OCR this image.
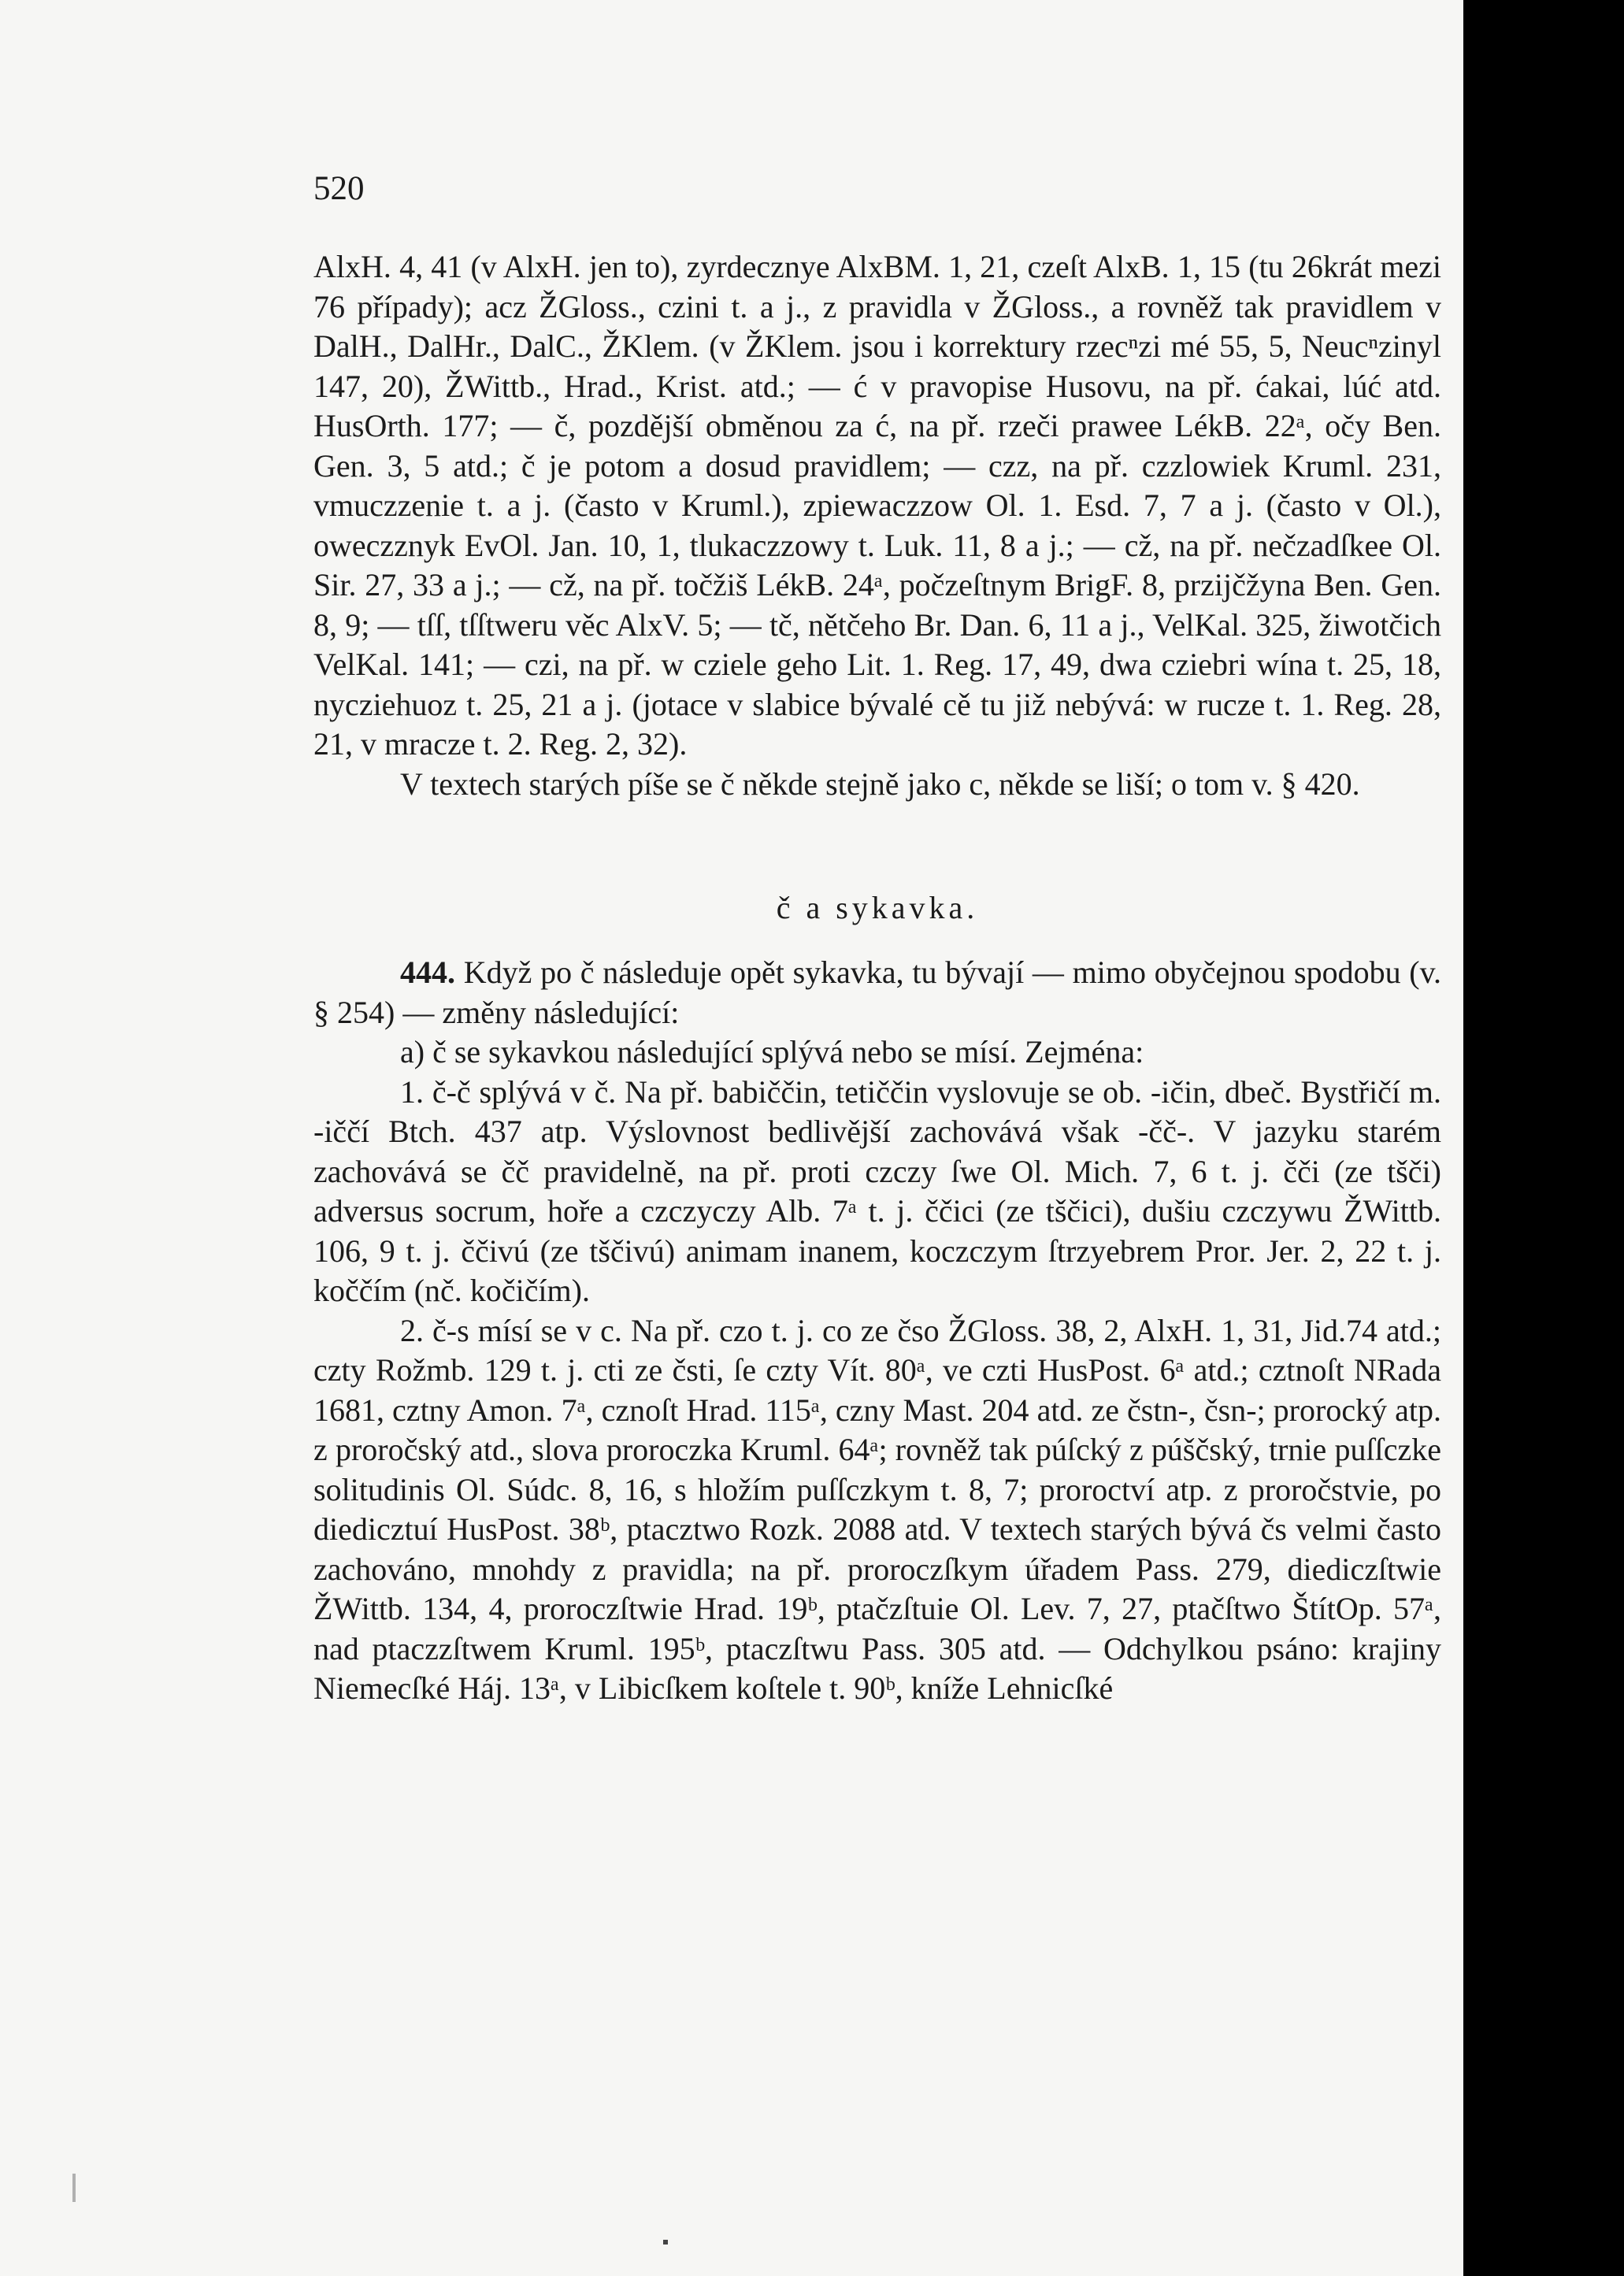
520

AlxH. 4, 41 (v AlxH. jen to), zyrdecznye AlxBM. 1, 21, czeſt AlxB. 1, 15 (tu 26krát mezi 76 případy); acz ŽGloss., czini t. a j., z pravidla v ŽGloss., a rovněž tak pravidlem v DalH., DalHr., DalC., ŽKlem. (v ŽKlem. jsou i korrektury rzecⁿzi mé 55, 5, Neucⁿzinyl 147, 20), ŽWittb., Hrad., Krist. atd.; — ć v pravopise Husovu, na př. ćakai, lúć atd. HusOrth. 177; — č, pozdější obměnou za ć, na př. rzeči prawee LékB. 22ᵃ, očy Ben. Gen. 3, 5 atd.; č je potom a dosud pravidlem; — czz, na př. czzlowiek Kruml. 231, vmuczzenie t. a j. (často v Kruml.), zpiewaczzow Ol. 1. Esd. 7, 7 a j. (často v Ol.), oweczznyk EvOl. Jan. 10, 1, tlukaczzowy t. Luk. 11, 8 a j.; — cž, na př. nečzadſkee Ol. Sir. 27, 33 a j.; — cž, na př. točžiš LékB. 24ᵃ, počzeſtnym BrigF. 8, przijčžyna Ben. Gen. 8, 9; — tſſ, tſſtweru věc AlxV. 5; — tč, nětčeho Br. Dan. 6, 11 a j., VelKal. 325, žiwotčich VelKal. 141; — czi, na př. w cziele geho Lit. 1. Reg. 17, 49, dwa cziebri wína t. 25, 18, nycziehuoz t. 25, 21 a j. (jotace v slabice bývalé cě tu již nebývá: w rucze t. 1. Reg. 28, 21, v mracze t. 2. Reg. 2, 32).

V textech starých píše se č někde stejně jako c, někde se liší; o tom v. § 420.

č a sykavka.

444. Když po č následuje opět sykavka, tu bývají — mimo obyčejnou spodobu (v. § 254) — změny následující:

a) č se sykavkou následující splývá nebo se mísí. Zejména:

1. č-č splývá v č. Na př. babiččin, tetiččin vyslovuje se ob. -ičin, dbeč. Bystřičí m. -iččí Btch. 437 atp. Výslovnost bedlivější zachovává však -čč-. V jazyku starém zachovává se čč pravidelně, na př. proti czczy ſwe Ol. Mich. 7, 6 t. j. čči (ze tšči) adversus socrum, hoře a czczyczy Alb. 7ᵃ t. j. ččici (ze tščici), dušiu czczywu ŽWittb. 106, 9 t. j. ččivú (ze tščivú) animam inanem, koczczym ſtrzyebrem Pror. Jer. 2, 22 t. j. koččím (nč. kočičím).

2. č-s mísí se v c. Na př. czo t. j. co ze čso ŽGloss. 38, 2, AlxH. 1, 31, Jid.74 atd.; czty Rožmb. 129 t. j. cti ze čsti, ſe czty Vít. 80ᵃ, ve czti HusPost. 6ᵃ atd.; cztnoſt NRada 1681, cztny Amon. 7ᵃ, cznoſt Hrad. 115ᵃ, czny Mast. 204 atd. ze čstn-, čsn-; prorocký atp. z proročský atd., slova proroczka Kruml. 64ᵃ; rovněž tak púſcký z púščský, trnie puſſczke solitudinis Ol. Súdc. 8, 16, s hložím puſſczkym t. 8, 7; proroctví atp. z proročstvie, po diedicztuí HusPost. 38ᵇ, ptacztwo Rozk. 2088 atd. V textech starých bývá čs velmi často zachováno, mnohdy z pravidla; na př. proroczſkym úřadem Pass. 279, diediczſtwie ŽWittb. 134, 4, proroczſtwie Hrad. 19ᵇ, ptačzſtuie Ol. Lev. 7, 27, ptačſtwo ŠtítOp. 57ᵃ, nad ptaczzſtwem Kruml. 195ᵇ, ptaczſtwu Pass. 305 atd. — Odchylkou psáno: krajiny Niemecſké Háj. 13ᵃ, v Libicſkem koſtele t. 90ᵇ, kníže Lehnicſké
